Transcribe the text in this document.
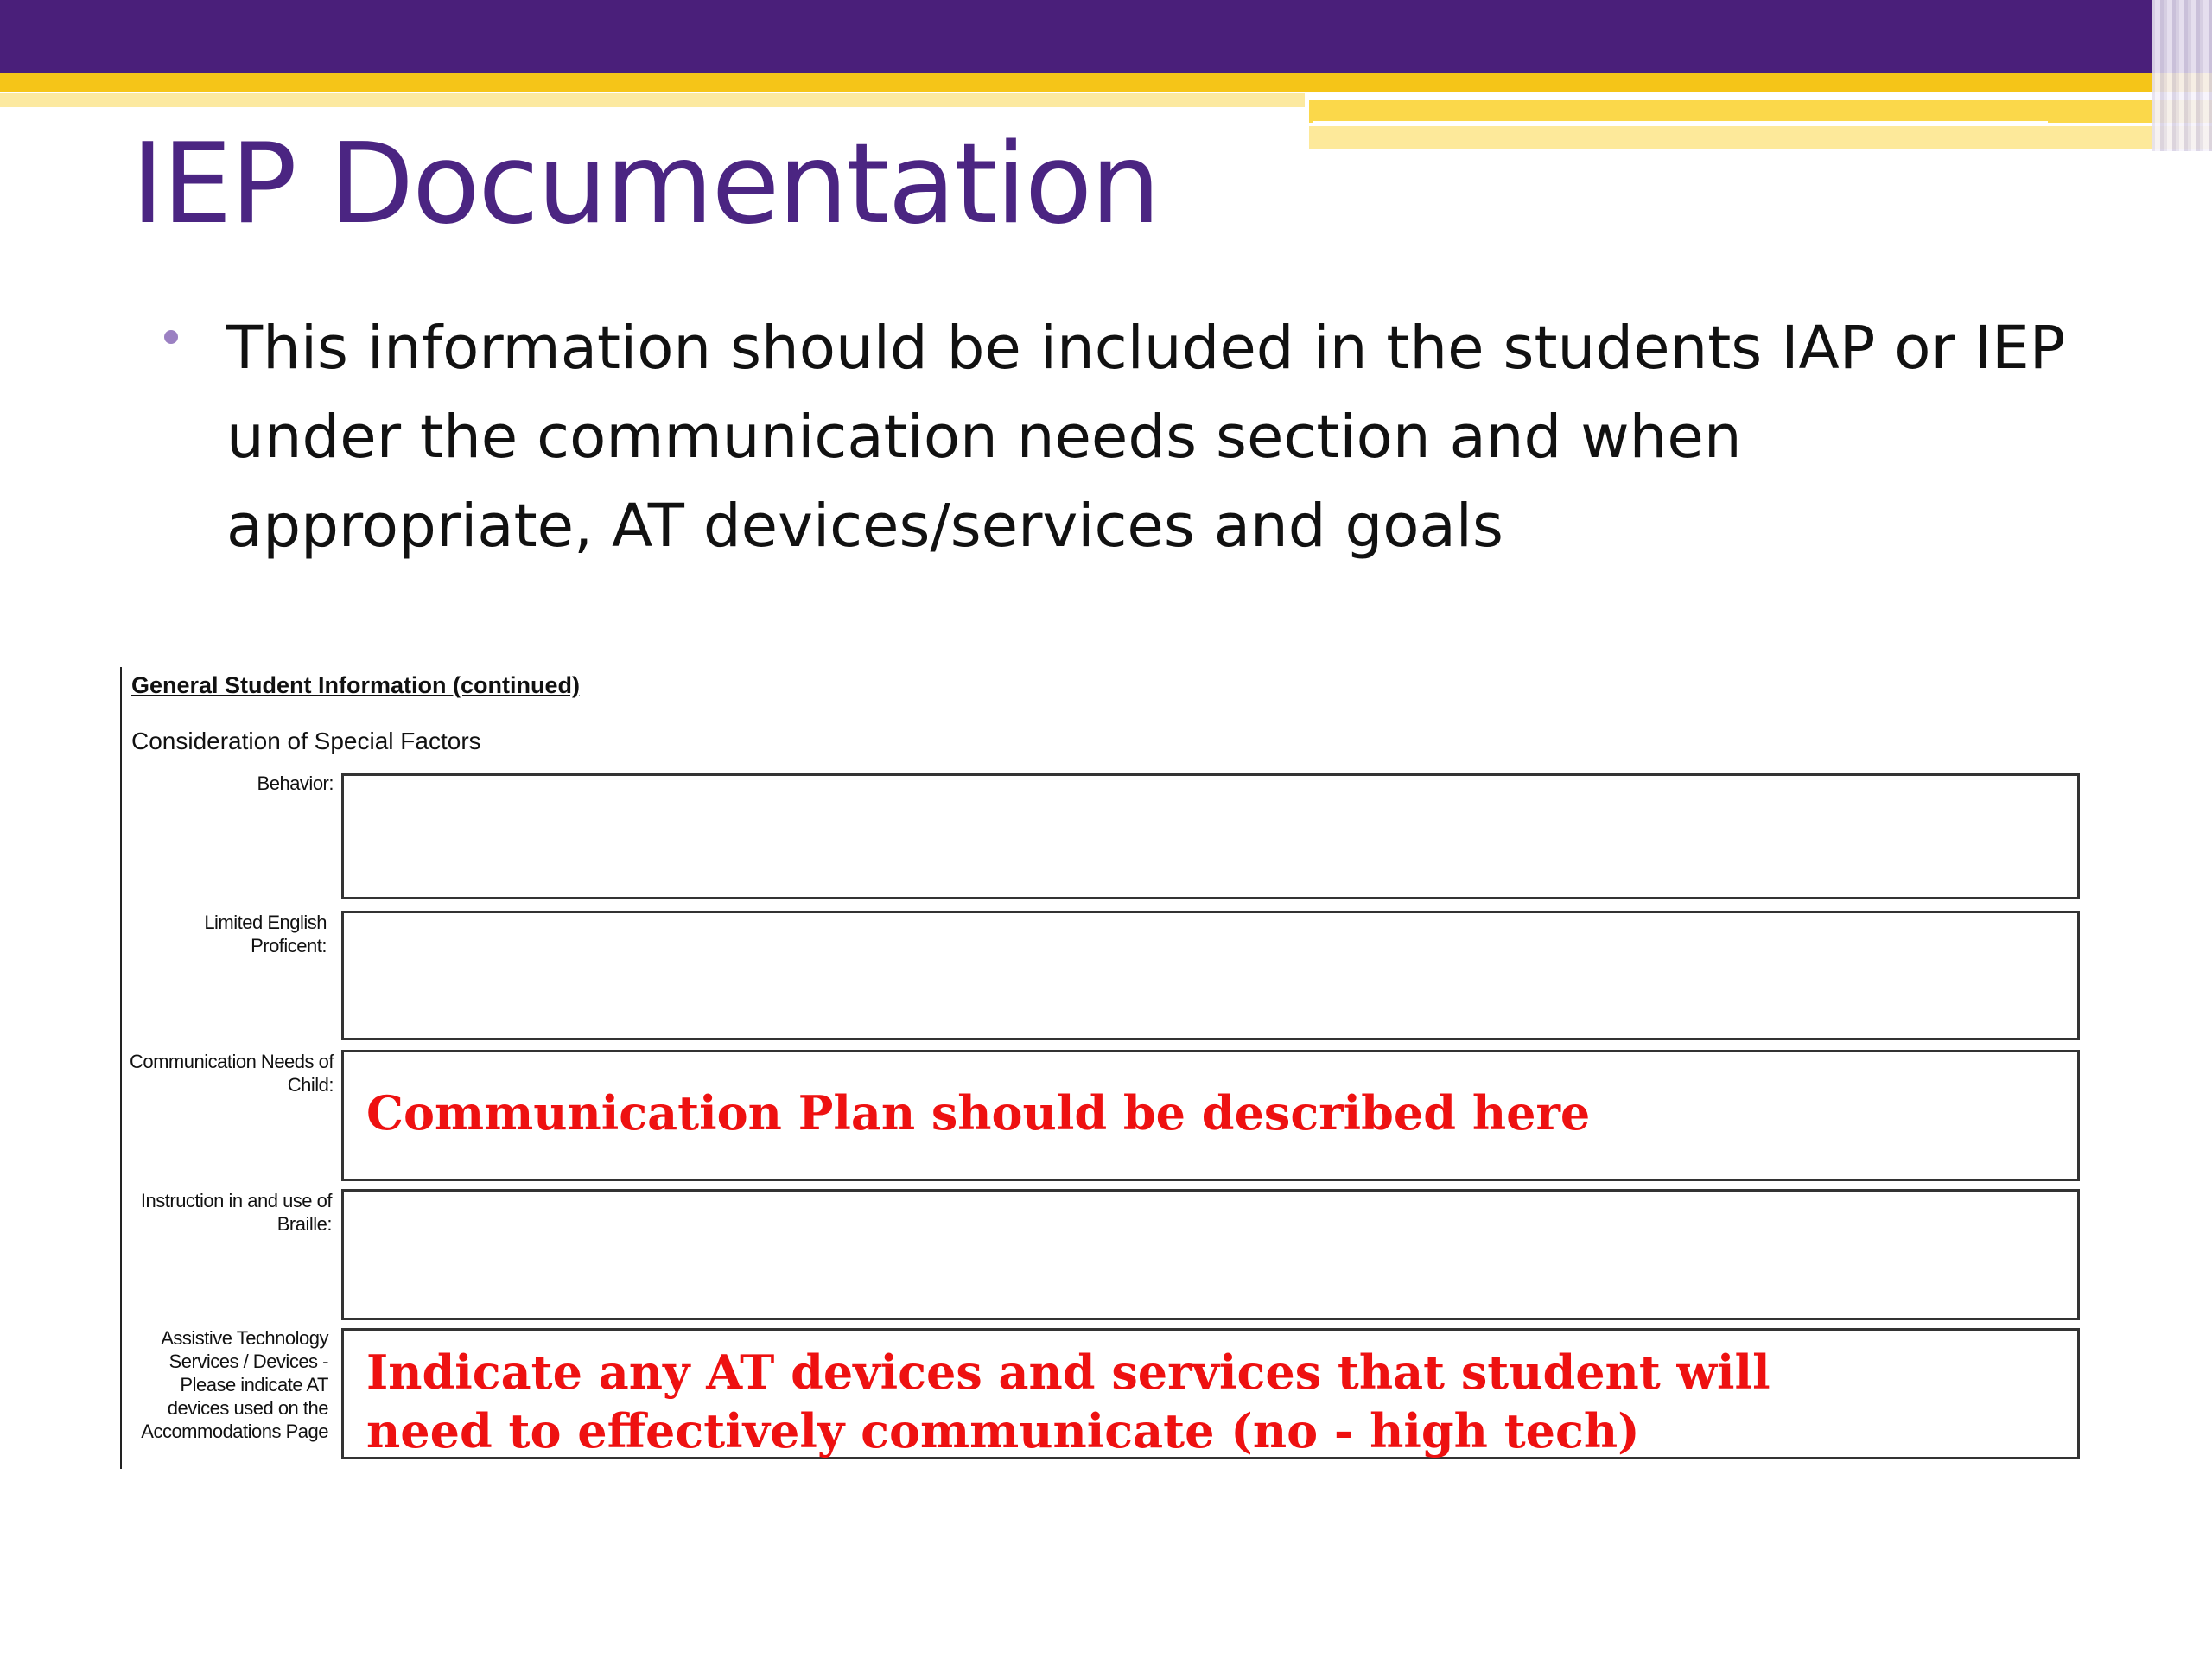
IEP Documentation

This information should be included in the students IAP or IEP under the communication needs section and when appropriate, AT devices/services and goals

General Student Information (continued)
Consideration of Special Factors
Behavior:
Limited English Proficent:
Communication Needs of Child:
Communication Plan should be described here
Instruction in and use of Braille:
Assistive Technology Services / Devices - Please indicate AT devices used on the Accommodations Page
Indicate any AT devices and services that student will
need to effectively communicate (no - high tech)
